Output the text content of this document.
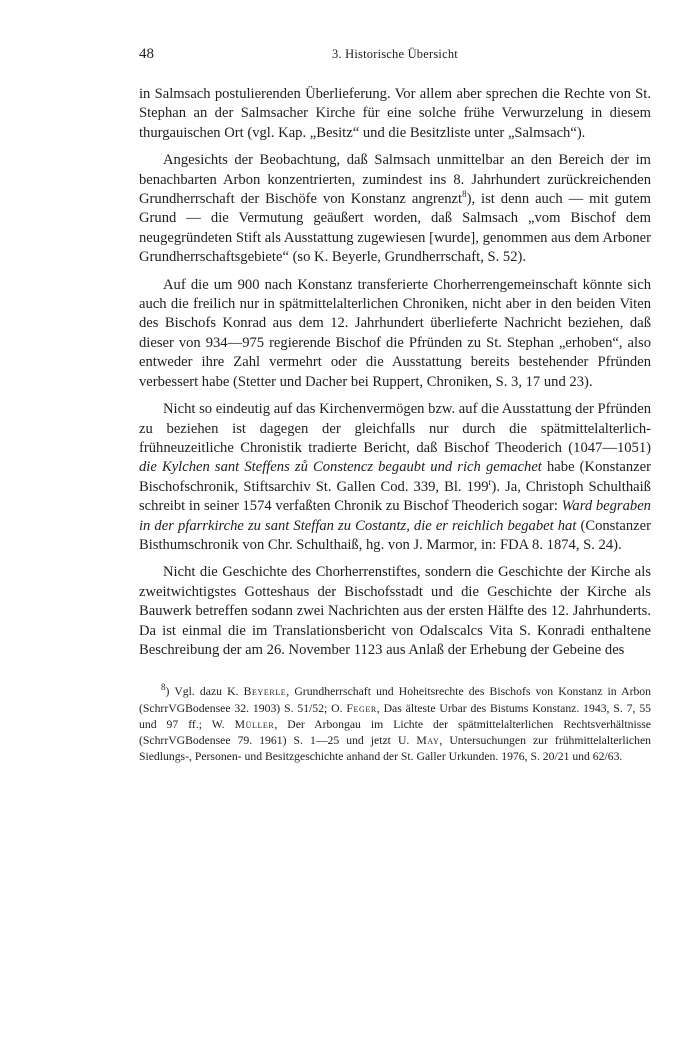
48	3. Historische Übersicht

in Salmsach postulierenden Überlieferung. Vor allem aber sprechen die Rechte von St. Stephan an der Salmsacher Kirche für eine solche frühe Verwurzelung in diesem thurgauischen Ort (vgl. Kap. „Besitz“ und die Besitzliste unter „Salmsach“).

Angesichts der Beobachtung, daß Salmsach unmittelbar an den Bereich der im benachbarten Arbon konzentrierten, zumindest ins 8. Jahrhundert zurückreichenden Grundherrschaft der Bischöfe von Konstanz angrenzt$^8$), ist denn auch — mit gutem Grund — die Vermutung geäußert worden, daß Salmsach „vom Bischof dem neugegründeten Stift als Ausstattung zugewiesen [wurde], genommen aus dem Arboner Grundherrschaftsgebiete“ (so K. Beyerle, Grundherrschaft, S. 52).

Auf die um 900 nach Konstanz transferierte Chorherrengemeinschaft könnte sich auch die freilich nur in spätmittelalterlichen Chroniken, nicht aber in den beiden Viten des Bischofs Konrad aus dem 12. Jahrhundert überlieferte Nachricht beziehen, daß dieser von 934—975 regierende Bischof die Pfründen zu St. Stephan „erhoben“, also entweder ihre Zahl vermehrt oder die Ausstattung bereits bestehender Pfründen verbessert habe (Stetter und Dacher bei Ruppert, Chroniken, S. 3, 17 und 23).

Nicht so eindeutig auf das Kirchenvermögen bzw. auf die Ausstattung der Pfründen zu beziehen ist dagegen der gleichfalls nur durch die spätmittelalterlich-frühneuzeitliche Chronistik tradierte Bericht, daß Bischof Theoderich (1047—1051) die Kylchen sant Steffens zů Constencz begaubt und rich gemachet habe (Konstanzer Bischofschronik, Stiftsarchiv St. Gallen Cod. 339, Bl. 199$^r$). Ja, Christoph Schulthaiß schreibt in seiner 1574 verfaßten Chronik zu Bischof Theoderich sogar: Ward begraben in der pfarrkirche zu sant Steffan zu Costantz, die er reichlich begabet hat (Constanzer Bisthumschronik von Chr. Schulthaiß, hg. von J. Marmor, in: FDA 8. 1874, S. 24).

Nicht die Geschichte des Chorherrenstiftes, sondern die Geschichte der Kirche als zweitwichtigstes Gotteshaus der Bischofsstadt und die Geschichte der Kirche als Bauwerk betreffen sodann zwei Nachrichten aus der ersten Hälfte des 12. Jahrhunderts. Da ist einmal die im Translationsbericht von Odalscalcs Vita S. Konradi enthaltene Beschreibung der am 26. November 1123 aus Anlaß der Erhebung der Gebeine des

$^8$) Vgl. dazu K. Beyerle, Grundherrschaft und Hoheitsrechte des Bischofs von Konstanz in Arbon (SchrrVGBodensee 32. 1903) S. 51/52; O. Feger, Das älteste Urbar des Bistums Konstanz. 1943, S. 7, 55 und 97 ff.; W. Müller, Der Arbongau im Lichte der spätmittelalterlichen Rechtsverhältnisse (SchrrVGBodensee 79. 1961) S. 1—25 und jetzt U. May, Untersuchungen zur frühmittelalterlichen Siedlungs-, Personen- und Besitzgeschichte anhand der St. Galler Urkunden. 1976, S. 20/21 und 62/63.
